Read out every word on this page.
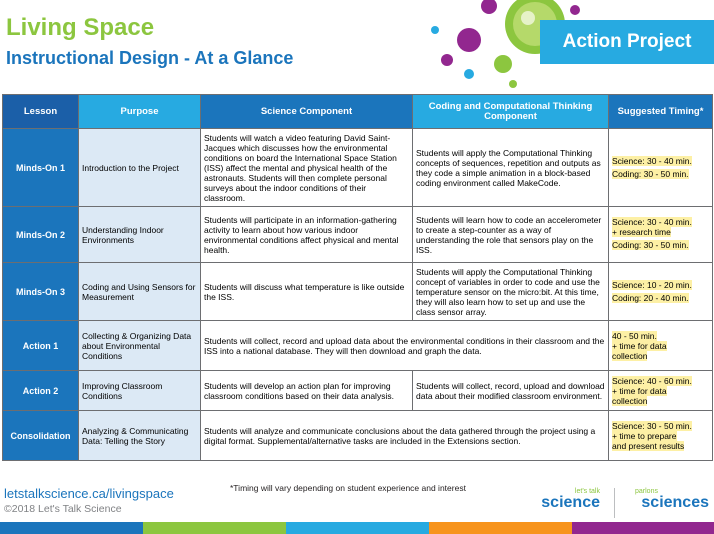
Living Space
Instructional Design - At a Glance
Action Project
Lesson	Purpose	Science Component	Coding and Computational Thinking Component	Suggested Timing*
Minds-On 1	Introduction to the Project	Students will watch a video featuring David Saint-Jacques which discusses how the environmental conditions on board the International Space Station (ISS) affect the mental and physical health of the astronauts. Students will then complete personal surveys about the indoor conditions of their classroom.	Students will apply the Computational Thinking concepts of sequences, repetition and outputs as they code a simple animation in a block-based coding environment called MakeCode.	Science: 30 - 40 min.
Coding: 30 - 50 min.

Minds-On 2	Understanding Indoor Environments	Students will participate in an information-gathering activity to learn about how various indoor environmental conditions affect physical and mental health.	Students will learn how to code an accelerometer to create a step-counter as a way of understanding the role that sensors play on the ISS.	Science: 30 - 40 min.
+ research time
Coding: 30 - 50 min.

Minds-On 3	Coding and Using Sensors for Measurement	Students will discuss what temperature is like outside the ISS.	Students will apply the Computational Thinking concept of variables in order to code and use the temperature sensor on the micro:bit. At this time, they will also learn how to set up and use the class sensor array.	Science: 10 - 20 min.
Coding: 20 - 40 min.

Action 1	Collecting & Organizing Data about Environmental Conditions	Students will collect, record and upload data about the environmental conditions in their classroom and the ISS into a national database. They will then download and graph the data.		40 - 50 min.
+ time for data
collection

Action 2	Improving Classroom Conditions	Students will develop an action plan for improving classroom conditions based on their data analysis.	Students will collect, record, upload and download data about their modified classroom environment.	Science: 40 - 60 min.
+ time for data
collection

Consolidation	Analyzing & Communicating Data: Telling the Story	Students will analyze and communicate conclusions about the data gathered through the project using a digital format. Supplemental/alternative tasks are included in the Extensions section.		Science: 30 - 50 min.
+ time to prepare
and present results
*Timing will vary depending on student experience and interest
letstalkscience.ca/livingspace
©2018 Let's Talk Science
let's talk
science
parlons
sciences
